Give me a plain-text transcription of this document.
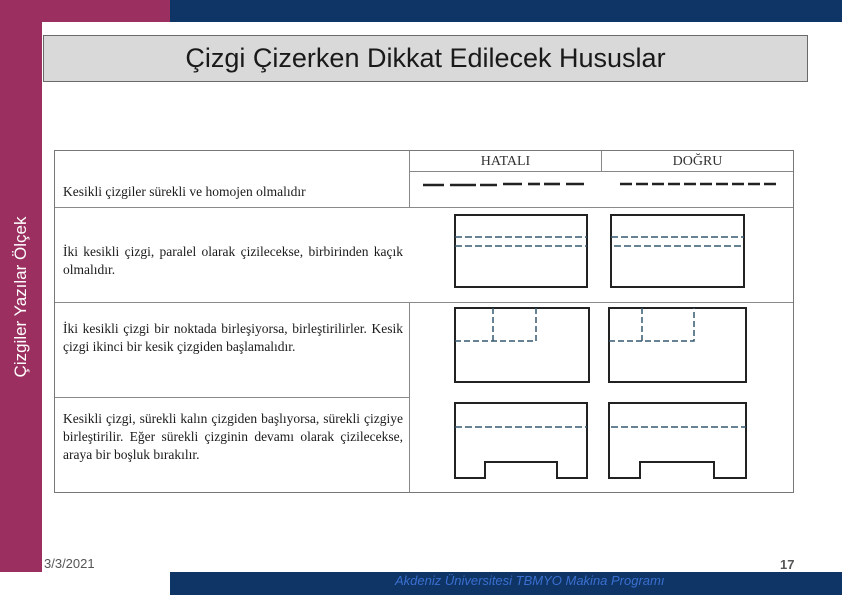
Çizgiler Yazılar Ölçek
Çizgi Çizerken Dikkat Edilecek Hususlar
HATALI	DOĞRU
Kesikli çizgiler sürekli ve homojen olmalıdır
İki kesikli çizgi, paralel olarak çizilecekse, birbirinden kaçık olmalıdır.
İki kesikli çizgi bir noktada birleşiyorsa, birleştirilirler. Kesik çizgi ikinci bir kesik çizgiden başlamalıdır.
Kesikli çizgi, sürekli kalın çizgiden başlıyorsa, sürekli çizgiye birleştirilir. Eğer sürekli çizginin devamı olarak çizilecekse, araya bir boşluk bırakılır.
3/3/2021	17
Akdeniz Üniversitesi TBMYO Makina Programı
